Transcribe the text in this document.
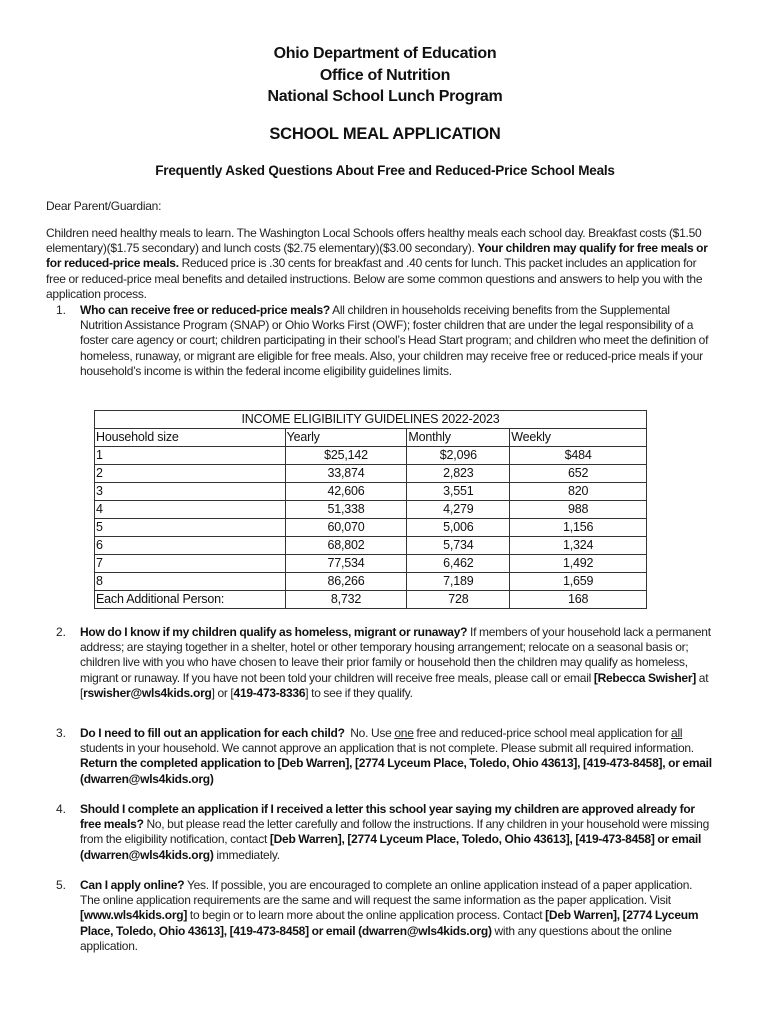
Ohio Department of Education
Office of Nutrition
National School Lunch Program
SCHOOL MEAL APPLICATION
Frequently Asked Questions About Free and Reduced-Price School Meals
Dear Parent/Guardian:
Children need healthy meals to learn. The Washington Local Schools offers healthy meals each school day. Breakfast costs ($1.50 elementary)($1.75 secondary) and lunch costs ($2.75 elementary)($3.00 secondary). Your children may qualify for free meals or for reduced-price meals. Reduced price is .30 cents for breakfast and .40 cents for lunch. This packet includes an application for free or reduced-price meal benefits and detailed instructions. Below are some common questions and answers to help you with the application process.
1. Who can receive free or reduced-price meals? All children in households receiving benefits from the Supplemental Nutrition Assistance Program (SNAP) or Ohio Works First (OWF); foster children that are under the legal responsibility of a foster care agency or court; children participating in their school’s Head Start program; and children who meet the definition of homeless, runaway, or migrant are eligible for free meals. Also, your children may receive free or reduced-price meals if your household’s income is within the federal income eligibility guidelines limits.
INCOME ELIGIBILITY GUIDELINES 2022-2023			
Household size	Yearly	Monthly	Weekly
1	$25,142	$2,096	$484
2	33,874	2,823	652
3	42,606	3,551	820
4	51,338	4,279	988
5	60,070	5,006	1,156
6	68,802	5,734	1,324
7	77,534	6,462	1,492
8	86,266	7,189	1,659
Each Additional Person:	8,732	728	168
2. How do I know if my children qualify as homeless, migrant or runaway? If members of your household lack a permanent address; are staying together in a shelter, hotel or other temporary housing arrangement; relocate on a seasonal basis or; children live with you who have chosen to leave their prior family or household then the children may qualify as homeless, migrant or runaway. If you have not been told your children will receive free meals, please call or email [Rebecca Swisher] at [rswisher@wls4kids.org] or [419-473-8336] to see if they qualify.
3. Do I need to fill out an application for each child?  No. Use one free and reduced-price school meal application for all students in your household. We cannot approve an application that is not complete. Please submit all required information. Return the completed application to [Deb Warren], [2774 Lyceum Place, Toledo, Ohio 43613], [419-473-8458], or email (dwarren@wls4kids.org)
4. Should I complete an application if I received a letter this school year saying my children are approved already for free meals? No, but please read the letter carefully and follow the instructions. If any children in your household were missing from the eligibility notification, contact [Deb Warren], [2774 Lyceum Place, Toledo, Ohio 43613], [419-473-8458] or email (dwarren@wls4kids.org) immediately.
5. Can I apply online? Yes. If possible, you are encouraged to complete an online application instead of a paper application. The online application requirements are the same and will request the same information as the paper application. Visit [www.wls4kids.org] to begin or to learn more about the online application process. Contact [Deb Warren], [2774 Lyceum Place, Toledo, Ohio 43613], [419-473-8458] or email (dwarren@wls4kids.org) with any questions about the online application.
